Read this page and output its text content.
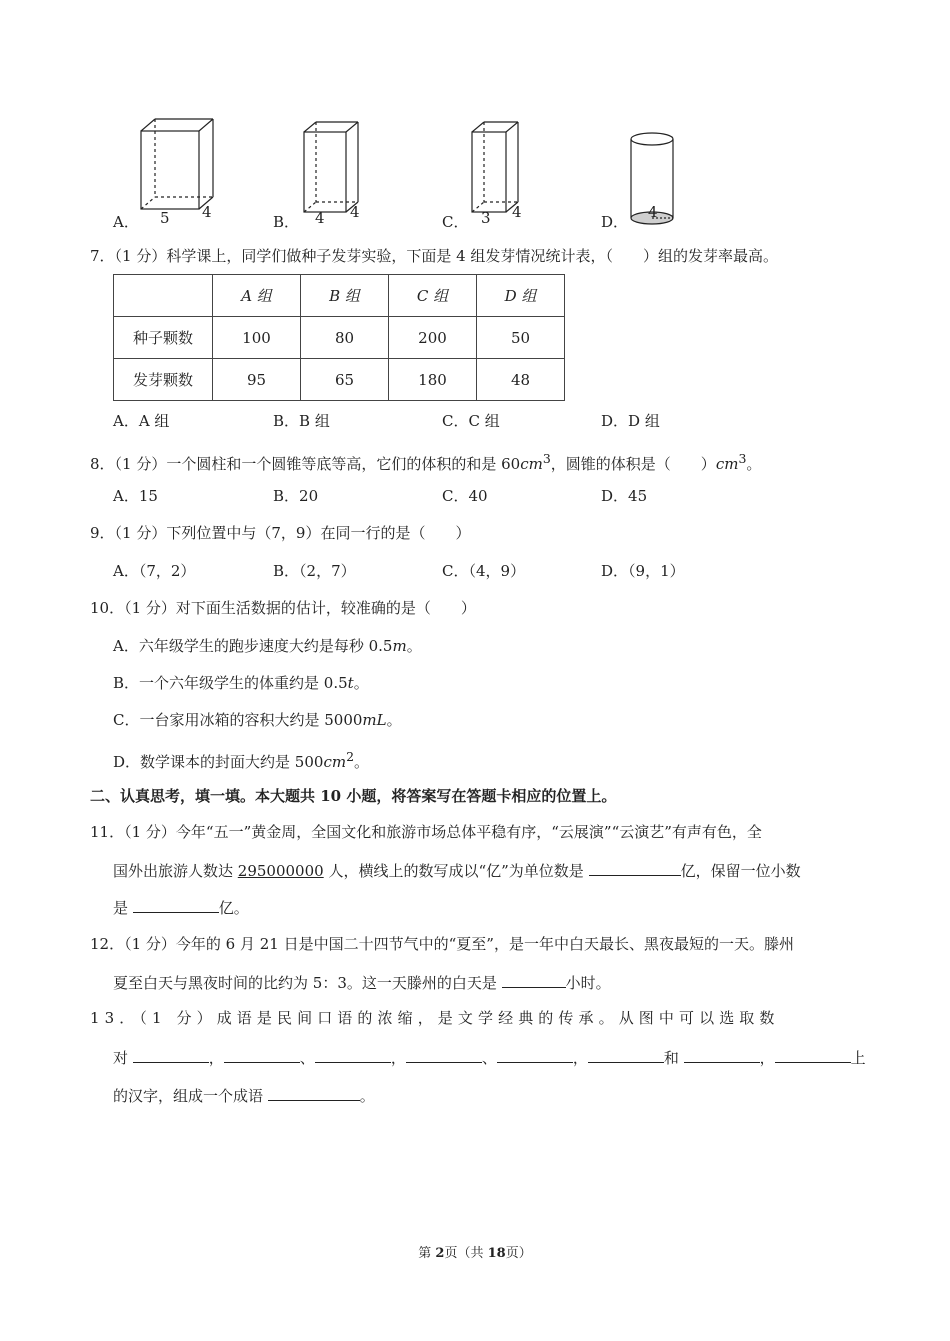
A． 5 4
B． 4 4
C． 3 4
D．
4
7．（1 分）科学课上，同学们做种子发芽实验，下面是 4 组发芽情况统计表，（　　）组的发芽率最高。
	A 组	B 组	C 组	D 组
种子颗数	100	80	200	50
发芽颗数	95	65	180	48
A．A 组	B．B 组	C．C 组	D．D 组
8．（1 分）一个圆柱和一个圆锥等底等高，它们的体积的和是 $60cm^3$，圆锥的体积是（　　）$cm^3$。
A．15	B．20	C．40	D．45
9．（1 分）下列位置中与（7，9）在同一行的是（　　）
A．（7，2）	B．（2，7）	C．（4，9）	D．（9，1）
10．（1 分）对下面生活数据的估计，较准确的是（　　）
A．六年级学生的跑步速度大约是每秒 0.5m。
B．一个六年级学生的体重约是 0.5t。
C．一台家用冰箱的容积大约是 5000mL。
D．数学课本的封面大约是 $500cm^2$。
二、认真思考，填一填。本大题共 10 小题，将答案写在答题卡相应的位置上。
11．（1 分）今年“五一”黄金周，全国文化和旅游市场总体平稳有序，“云展演”“云演艺”有声有色，全
国外出旅游人数达 295000000 人，横线上的数写成以“亿”为单位数是	亿，保留一位小数
是	亿。
12．（1 分）今年的 6 月 21 日是中国二十四节气中的“夏至”，是一年中白天最长、黑夜最短的一天。滕州
夏至白天与黑夜时间的比约为 5：3。这一天滕州的白天是	小时。
13．（1 分）成语是民间口语的浓缩，是文学经典的传承。从图中可以选取数
对	，	、	，	、	，	和	，	上
的汉字，组成一个成语	。
第 2页（共 18页）
